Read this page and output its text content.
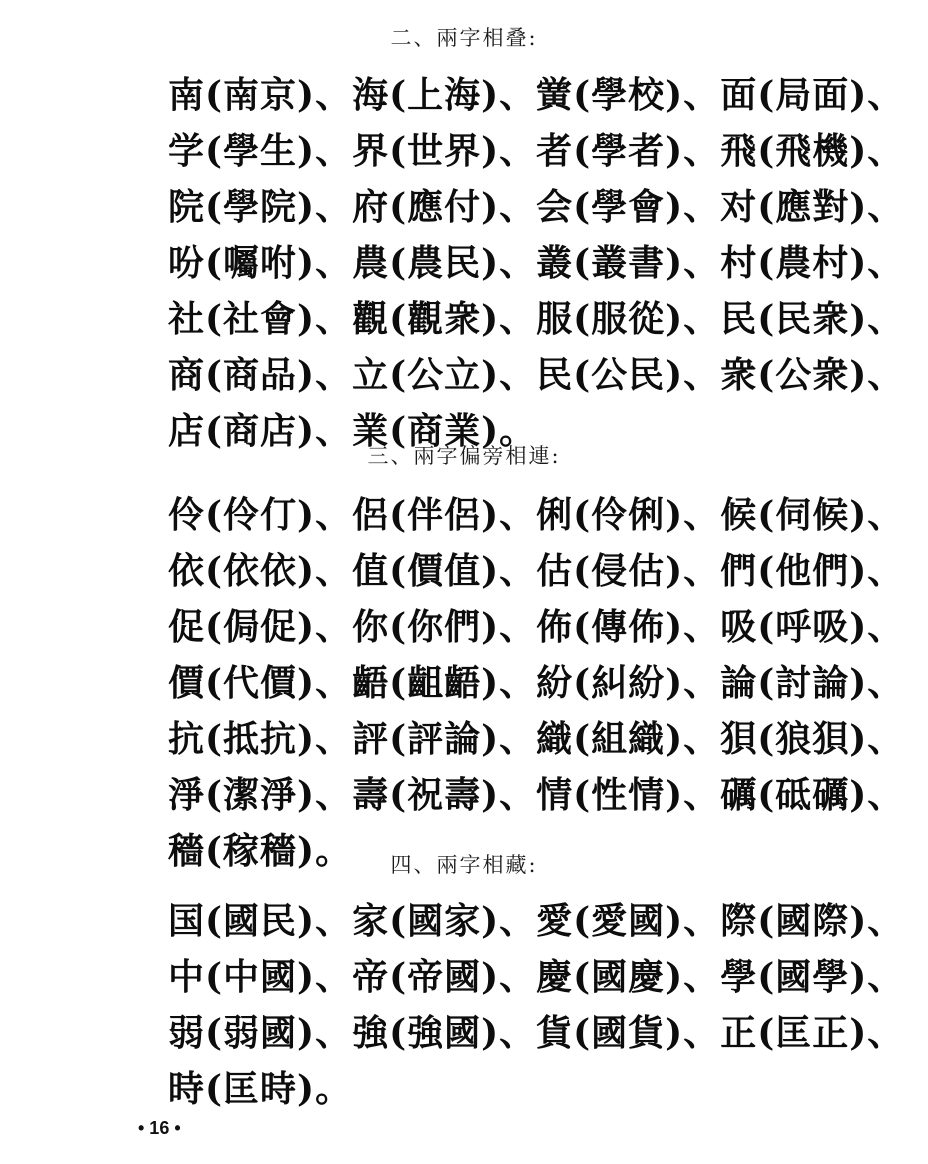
二、兩字相叠:
南(南京)、海(上海)、黉(學校)、面(局面)、
学(學生)、界(世界)、者(學者)、飛(飛機)、
院(學院)、府(應付)、会(學會)、对(應對)、
吩(囑咐)、農(農民)、叢(叢書)、村(農村)、
社(社會)、觀(觀衆)、服(服從)、民(民衆)、
商(商品)、立(公立)、民(公民)、衆(公衆)、
店(商店)、業(商業)。
三、兩字偏旁相連:
伶(伶仃)、侶(伴侶)、俐(伶俐)、候(伺候)、
依(依依)、值(價值)、估(侵估)、們(他們)、
促(侷促)、你(你們)、佈(傳佈)、吸(呼吸)、
價(代價)、齬(齟齬)、紛(糾紛)、論(討論)、
抗(抵抗)、評(評論)、織(組織)、狽(狼狽)、
淨(潔淨)、壽(祝壽)、情(性情)、礪(砥礪)、
穡(稼穡)。	四、兩字相藏:
国(國民)、家(國家)、愛(愛國)、際(國際)、
中(中國)、帝(帝國)、慶(國慶)、學(國學)、
弱(弱國)、強(強國)、貨(國貨)、正(匡正)、
時(匡時)。
• 16 •
